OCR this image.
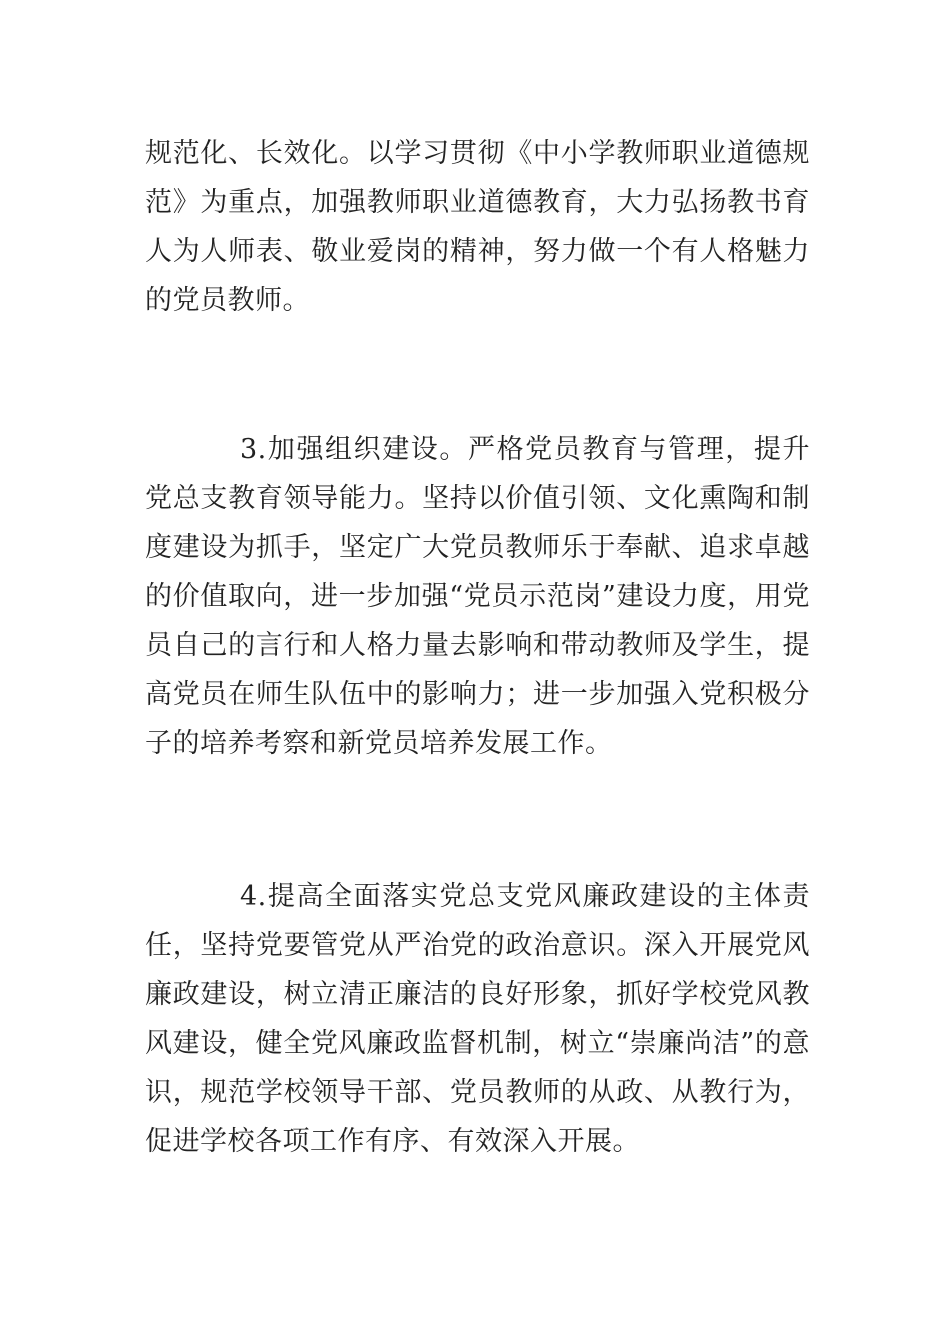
规范化、长效化。以学习贯彻《中小学教师职业道德规范》为重点，加强教师职业道德教育，大力弘扬教书育人为人师表、敬业爱岗的精神，努力做一个有人格魅力的党员教师。

3.加强组织建设。严格党员教育与管理，提升党总支教育领导能力。坚持以价值引领、文化熏陶和制度建设为抓手，坚定广大党员教师乐于奉献、追求卓越的价值取向，进一步加强“党员示范岗”建设力度，用党员自己的言行和人格力量去影响和带动教师及学生，提高党员在师生队伍中的影响力；进一步加强入党积极分子的培养考察和新党员培养发展工作。

4.提高全面落实党总支党风廉政建设的主体责任，坚持党要管党从严治党的政治意识。深入开展党风廉政建设，树立清正廉洁的良好形象，抓好学校党风教风建设，健全党风廉政监督机制，树立“崇廉尚洁”的意识，规范学校领导干部、党员教师的从政、从教行为，促进学校各项工作有序、有效深入开展。
